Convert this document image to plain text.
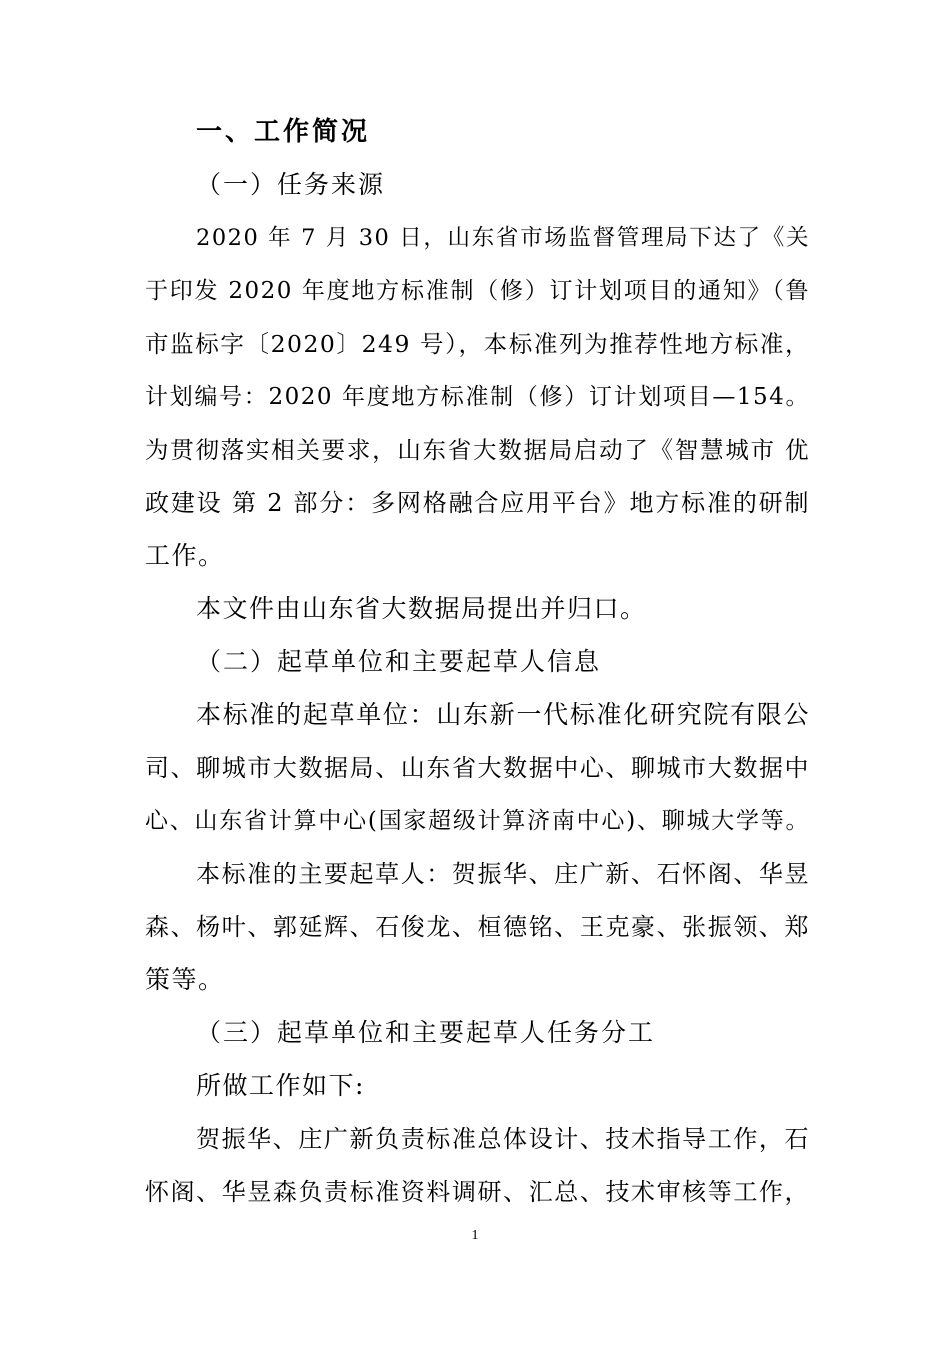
一、工作简况
（一）任务来源
2020 年 7 月 30 日，山东省市场监督管理局下达了《关
于印发 2020 年度地方标准制（修）订计划项目的通知》（鲁
市监标字〔2020〕249 号），本标准列为推荐性地方标准，
计划编号：2020 年度地方标准制（修）订计划项目—154。
为贯彻落实相关要求，山东省大数据局启动了《智慧城市 优
政建设 第 2 部分：多网格融合应用平台》地方标准的研制
工作。
本文件由山东省大数据局提出并归口。
（二）起草单位和主要起草人信息
本标准的起草单位：山东新一代标准化研究院有限公
司、聊城市大数据局、山东省大数据中心、聊城市大数据中
心、山东省计算中心(国家超级计算济南中心)、聊城大学等。
本标准的主要起草人：贺振华、庄广新、石怀阁、华昱
森、杨叶、郭延辉、石俊龙、桓德铭、王克豪、张振领、郑
策等。
（三）起草单位和主要起草人任务分工
所做工作如下:
贺振华、庄广新负责标准总体设计、技术指导工作，石
怀阁、华昱森负责标准资料调研、汇总、技术审核等工作，
1
